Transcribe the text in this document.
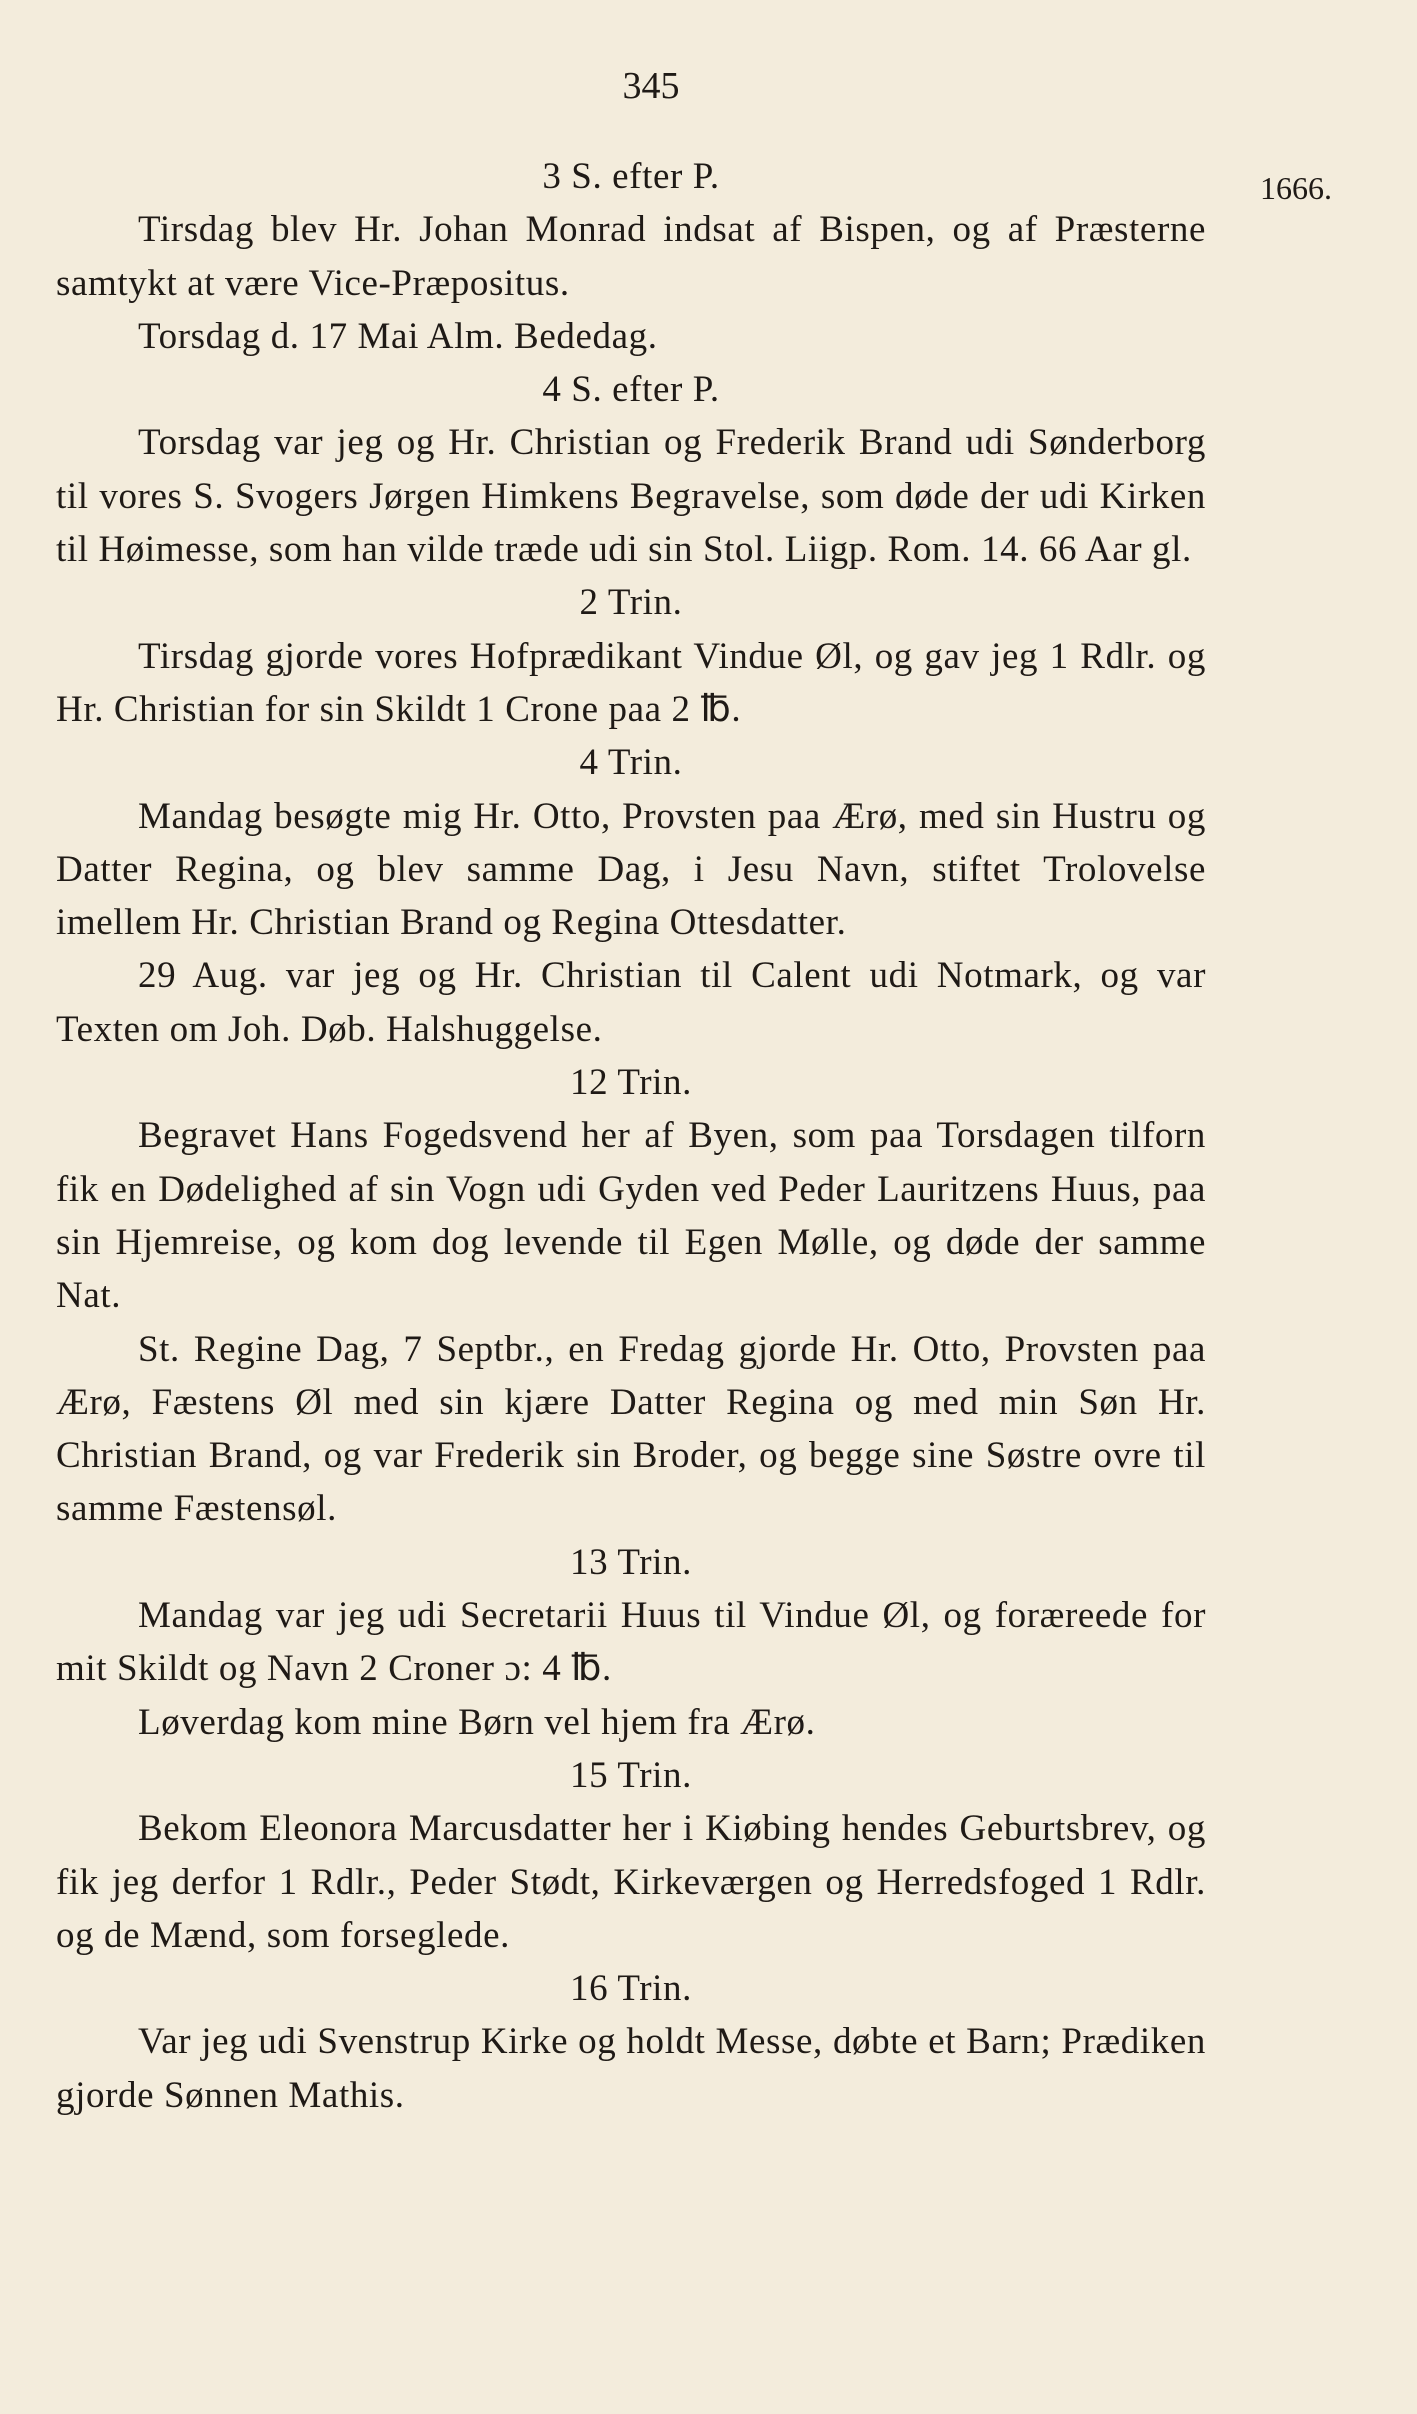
345
1666.
3 S. efter P.
Tirsdag blev Hr. Johan Monrad indsat af Bispen, og af Præsterne samtykt at være Vice-Præpositus.
Torsdag d. 17 Mai Alm. Bededag.
4 S. efter P.
Torsdag var jeg og Hr. Christian og Frederik Brand udi Sønderborg til vores S. Svogers Jørgen Himkens Begravelse, som døde der udi Kirken til Høimesse, som han vilde træde udi sin Stol. Liigp. Rom. 14. 66 Aar gl.
2 Trin.
Tirsdag gjorde vores Hofprædikant Vindue Øl, og gav jeg 1 Rdlr. og Hr. Christian for sin Skildt 1 Crone paa 2 ℔.
4 Trin.
Mandag besøgte mig Hr. Otto, Provsten paa Ærø, med sin Hustru og Datter Regina, og blev samme Dag, i Jesu Navn, stiftet Trolovelse imellem Hr. Christian Brand og Regina Ottesdatter.
29 Aug. var jeg og Hr. Christian til Calent udi Notmark, og var Texten om Joh. Døb. Halshuggelse.
12 Trin.
Begravet Hans Fogedsvend her af Byen, som paa Torsdagen tilforn fik en Dødelighed af sin Vogn udi Gyden ved Peder Lauritzens Huus, paa sin Hjemreise, og kom dog levende til Egen Mølle, og døde der samme Nat.
St. Regine Dag, 7 Septbr., en Fredag gjorde Hr. Otto, Provsten paa Ærø, Fæstens Øl med sin kjære Datter Regina og med min Søn Hr. Christian Brand, og var Frederik sin Broder, og begge sine Søstre ovre til samme Fæstensøl.
13 Trin.
Mandag var jeg udi Secretarii Huus til Vindue Øl, og foræreede for mit Skildt og Navn 2 Croner ɔ: 4 ℔.
Løverdag kom mine Børn vel hjem fra Ærø.
15 Trin.
Bekom Eleonora Marcusdatter her i Kiøbing hendes Geburtsbrev, og fik jeg derfor 1 Rdlr., Peder Stødt, Kirkeværgen og Herredsfoged 1 Rdlr. og de Mænd, som forseglede.
16 Trin.
Var jeg udi Svenstrup Kirke og holdt Messe, døbte et Barn; Prædiken gjorde Sønnen Mathis.
